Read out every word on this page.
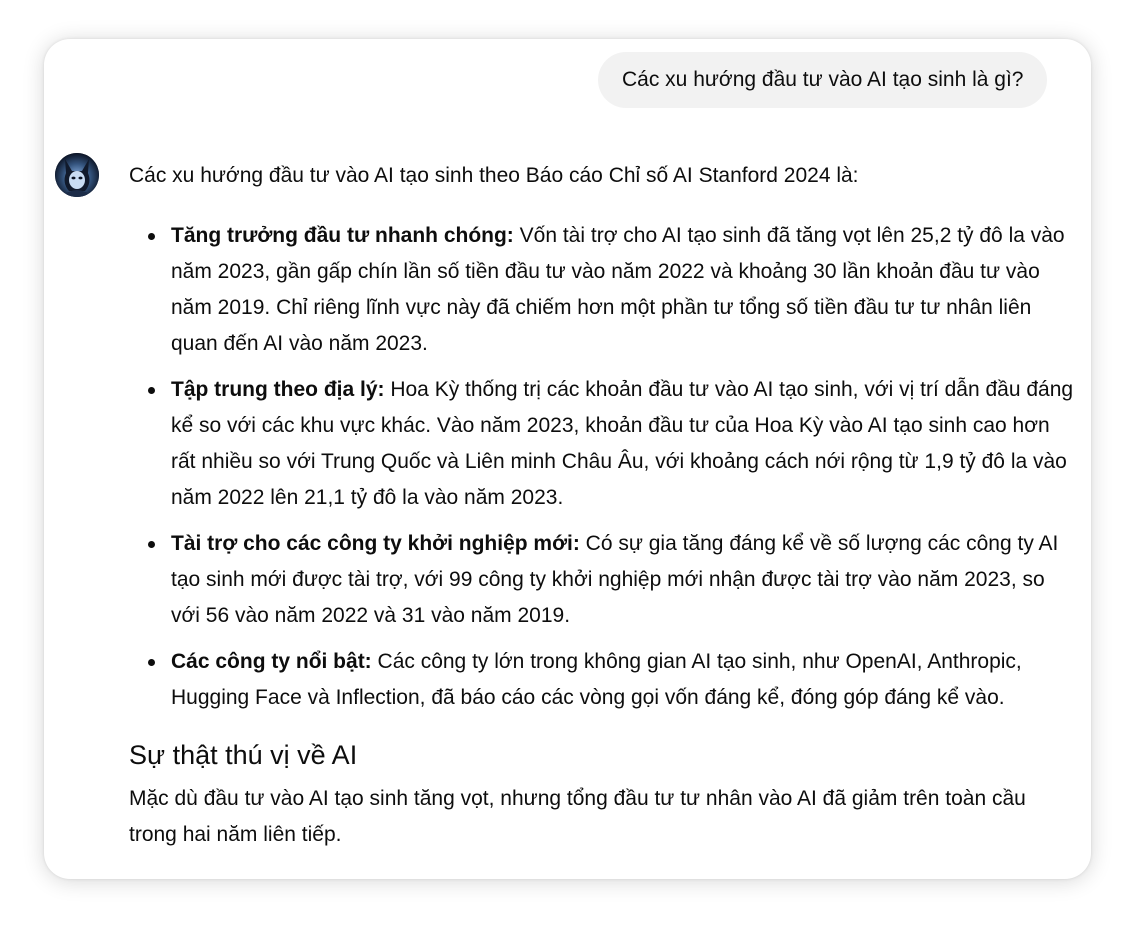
Các xu hướng đầu tư vào AI tạo sinh là gì?

Các xu hướng đầu tư vào AI tạo sinh theo Báo cáo Chỉ số AI Stanford 2024 là:

Tăng trưởng đầu tư nhanh chóng: Vốn tài trợ cho AI tạo sinh đã tăng vọt lên 25,2 tỷ đô la vào năm 2023, gần gấp chín lần số tiền đầu tư vào năm 2022 và khoảng 30 lần khoản đầu tư vào năm 2019. Chỉ riêng lĩnh vực này đã chiếm hơn một phần tư tổng số tiền đầu tư tư nhân liên quan đến AI vào năm 2023.
Tập trung theo địa lý: Hoa Kỳ thống trị các khoản đầu tư vào AI tạo sinh, với vị trí dẫn đầu đáng kể so với các khu vực khác. Vào năm 2023, khoản đầu tư của Hoa Kỳ vào AI tạo sinh cao hơn rất nhiều so với Trung Quốc và Liên minh Châu Âu, với khoảng cách nới rộng từ 1,9 tỷ đô la vào năm 2022 lên 21,1 tỷ đô la vào năm 2023.
Tài trợ cho các công ty khởi nghiệp mới: Có sự gia tăng đáng kể về số lượng các công ty AI tạo sinh mới được tài trợ, với 99 công ty khởi nghiệp mới nhận được tài trợ vào năm 2023, so với 56 vào năm 2022 và 31 vào năm 2019.
Các công ty nổi bật: Các công ty lớn trong không gian AI tạo sinh, như OpenAI, Anthropic, Hugging Face và Inflection, đã báo cáo các vòng gọi vốn đáng kể, đóng góp đáng kể vào.
Sự thật thú vị về AI

Mặc dù đầu tư vào AI tạo sinh tăng vọt, nhưng tổng đầu tư tư nhân vào AI đã giảm trên toàn cầu trong hai năm liên tiếp.
